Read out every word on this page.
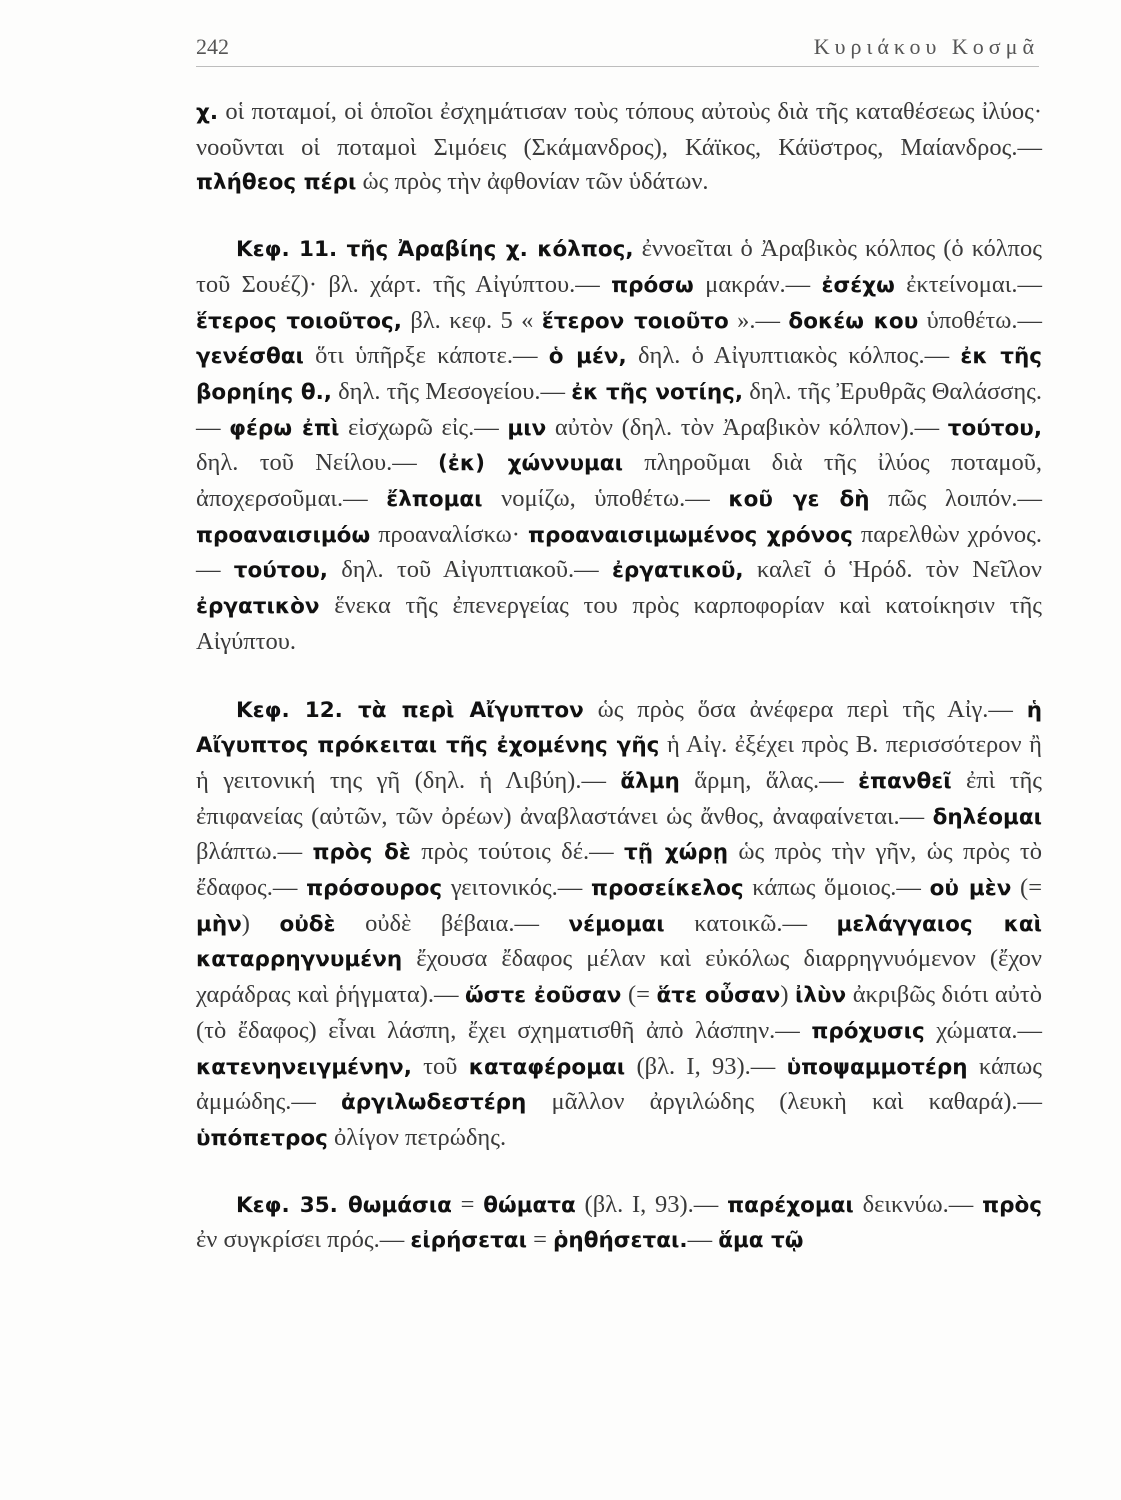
242	Κυριάκου Κοσμᾶ

χ. οἱ ποταμοί, οἱ ὁποῖοι ἐσχημάτισαν τοὺς τόπους αὐτοὺς διὰ τῆς καταθέσεως ἰλύος· νοοῦνται οἱ ποταμοὶ Σιμόεις (Σκάμανδρος), Κάϊκος, Κάϋστρος, Μαίανδρος.— πλήθεος πέρι ὡς πρὸς τὴν ἀφθονίαν τῶν ὑδάτων.

Κεφ. 11. τῆς Ἀραβίης χ. κόλπος, ἐννοεῖται ὁ Ἀραβικὸς κόλπος (ὁ κόλπος τοῦ Σουέζ)· βλ. χάρτ. τῆς Αἰγύπτου.— πρόσω μακράν.— ἐσέχω ἐκτείνομαι.— ἕτερος τοιοῦτος, βλ. κεφ. 5 « ἕτερον τοιοῦτο ».— δοκέω κου ὑποθέτω.— γενέσθαι ὅτι ὑπῆρξε κάποτε.— ὁ μέν, δηλ. ὁ Αἰγυπτιακὸς κόλπος.— ἐκ τῆς βορηίης θ., δηλ. τῆς Μεσογείου.— ἐκ τῆς νοτίης, δηλ. τῆς Ἐρυθρᾶς Θαλάσσης.— φέρω ἐπὶ εἰσχωρῶ εἰς.— μιν αὐτὸν (δηλ. τὸν Ἀραβικὸν κόλπον).— τούτου, δηλ. τοῦ Νείλου.— (ἐκ) χώννυμαι πληροῦμαι διὰ τῆς ἰλύος ποταμοῦ, ἀποχερσοῦμαι.— ἔλπομαι νομίζω, ὑποθέτω.— κοῦ γε δὴ πῶς λοιπόν.— προαναισιμόω προαναλίσκω· προαναισιμωμένος χρόνος παρελθὼν χρόνος.— τούτου, δηλ. τοῦ Αἰγυπτιακοῦ.— ἐργατικοῦ, καλεῖ ὁ Ἡρόδ. τὸν Νεῖλον ἐργατικὸν ἕνεκα τῆς ἐπενεργείας του πρὸς καρποφορίαν καὶ κατοίκησιν τῆς Αἰγύπτου.

Κεφ. 12. τὰ περὶ Αἴγυπτον ὡς πρὸς ὅσα ἀνέφερα περὶ τῆς Αἰγ.— ἡ Αἴγυπτος πρόκειται τῆς ἐχομένης γῆς ἡ Αἰγ. ἐξέχει πρὸς Β. περισσότερον ἢ ἡ γειτονική της γῆ (δηλ. ἡ Λιβύη).— ἅλμη ἅρμη, ἅλας.— ἐπανθεῖ ἐπὶ τῆς ἐπιφανείας (αὐτῶν, τῶν ὀρέων) ἀναβλαστάνει ὡς ἄνθος, ἀναφαίνεται.— δηλέομαι βλάπτω.— πρὸς δὲ πρὸς τούτοις δέ.— τῇ χώρῃ ὡς πρὸς τὴν γῆν, ὡς πρὸς τὸ ἔδαφος.— πρόσουρος γειτονικός.— προσείκελος κάπως ὅμοιος.— οὐ μὲν (= μὴν) οὐδὲ οὐδὲ βέβαια.— νέμομαι κατοικῶ.— μελάγγαιος καὶ καταρρηγνυμένη ἔχουσα ἔδαφος μέλαν καὶ εὐκόλως διαρρηγνυόμενον (ἔχον χαράδρας καὶ ῥήγματα).— ὥστε ἐοῦσαν (= ἅτε οὖσαν) ἰλὺν ἀκριβῶς διότι αὐτὸ (τὸ ἔδαφος) εἶναι λάσπη, ἔχει σχηματισθῆ ἀπὸ λάσπην.— πρόχυσις χώματα.— κατενηνειγμένην, τοῦ καταφέρομαι (βλ. I, 93).— ὑποψαμμοτέρη κάπως ἀμμώδης.— ἀργιλωδεστέρη μᾶλλον ἀργιλώδης (λευκὴ καὶ καθαρά).— ὑπόπετρος ὀλίγον πετρώδης.

Κεφ. 35. θωμάσια = θώματα (βλ. I, 93).— παρέχομαι δεικνύω.— πρὸς ἐν συγκρίσει πρός.— εἰρήσεται = ῥηθήσεται.— ἅμα τῷ
